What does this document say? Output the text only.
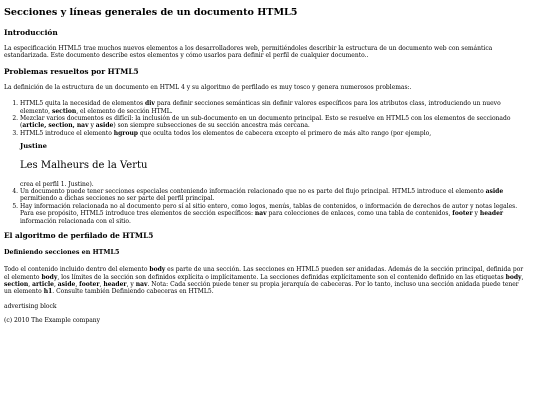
Secciones y líneas generales de un documento HTML5
Introducción

La especificación HTML5 trae muchos nuevos elementos a los desarrolladores web, permitiéndoles describir la estructura de un documento web con semántica estandarizada. Este documento describe estos elementos y cómo usarlos para definir el perfil de cualquier documento..

Problemas resueltos por HTML5

La definición de la estructura de un documento en HTML 4 y su algoritmo de perfilado es muy tosco y genera numerosos problemas:.

1. HTML5 quita la necesidad de elementos div para definir secciones semánticas sin definir valores específicos para los atributos class, introduciendo un nuevo elemento, section, el elemento de sección HTML.
2. Mezclar varios documentos es difícil: la inclusión de un sub-documento en un documento principal. Esto se resuelve en HTML5 con los elementos de seccionado (article, section, nav y aside) son siempre subsecciones de su sección ancestra más cercana.
3. HTML5 introduce el elemento hgroup que oculta todos los elementos de cabecera excepto el primero de más alto rango (por ejemplo,
Justine
Les Malheurs de la Vertu
crea el perfil 1. Justine).
4. Un documento puede tener secciones especiales conteniendo información relacionado que no es parte del flujo principal. HTML5 introduce el elemento aside permitiendo a dichas secciones no ser parte del perfil principal.
5. Hay información relacionada no al documento pero sí al sitio entero, como logos, menús, tablas de contenidos, o información de derechos de autor y notas legales. Para ese propósito, HTML5 introduce tres elementos de sección específicos: nav para colecciones de enlaces, como una tabla de contenidos, footer y header información relacionada con el sitio.
El algoritmo de perfilado de HTML5
Definiendo secciones en HTML5

Todo el contenido incluido dentro del elemento body es parte de una sección. Las secciones en HTML5 pueden ser anidadas. Además de la sección principal, definida por el elemento body, los límites de la sección son definidos explícita o implícitamente. La secciones definidas explícitamente son el contenido definido en las etiquetas body, section, article, aside, footer, header, y nav. Nota: Cada sección puede tener su propia jerarquía de cabeceras. Por lo tanto, incluso una sección anidada puede tener un elemento h1. Consulte también Definiendo cabeceras en HTML5.

advertising block

(c) 2010 The Example company
